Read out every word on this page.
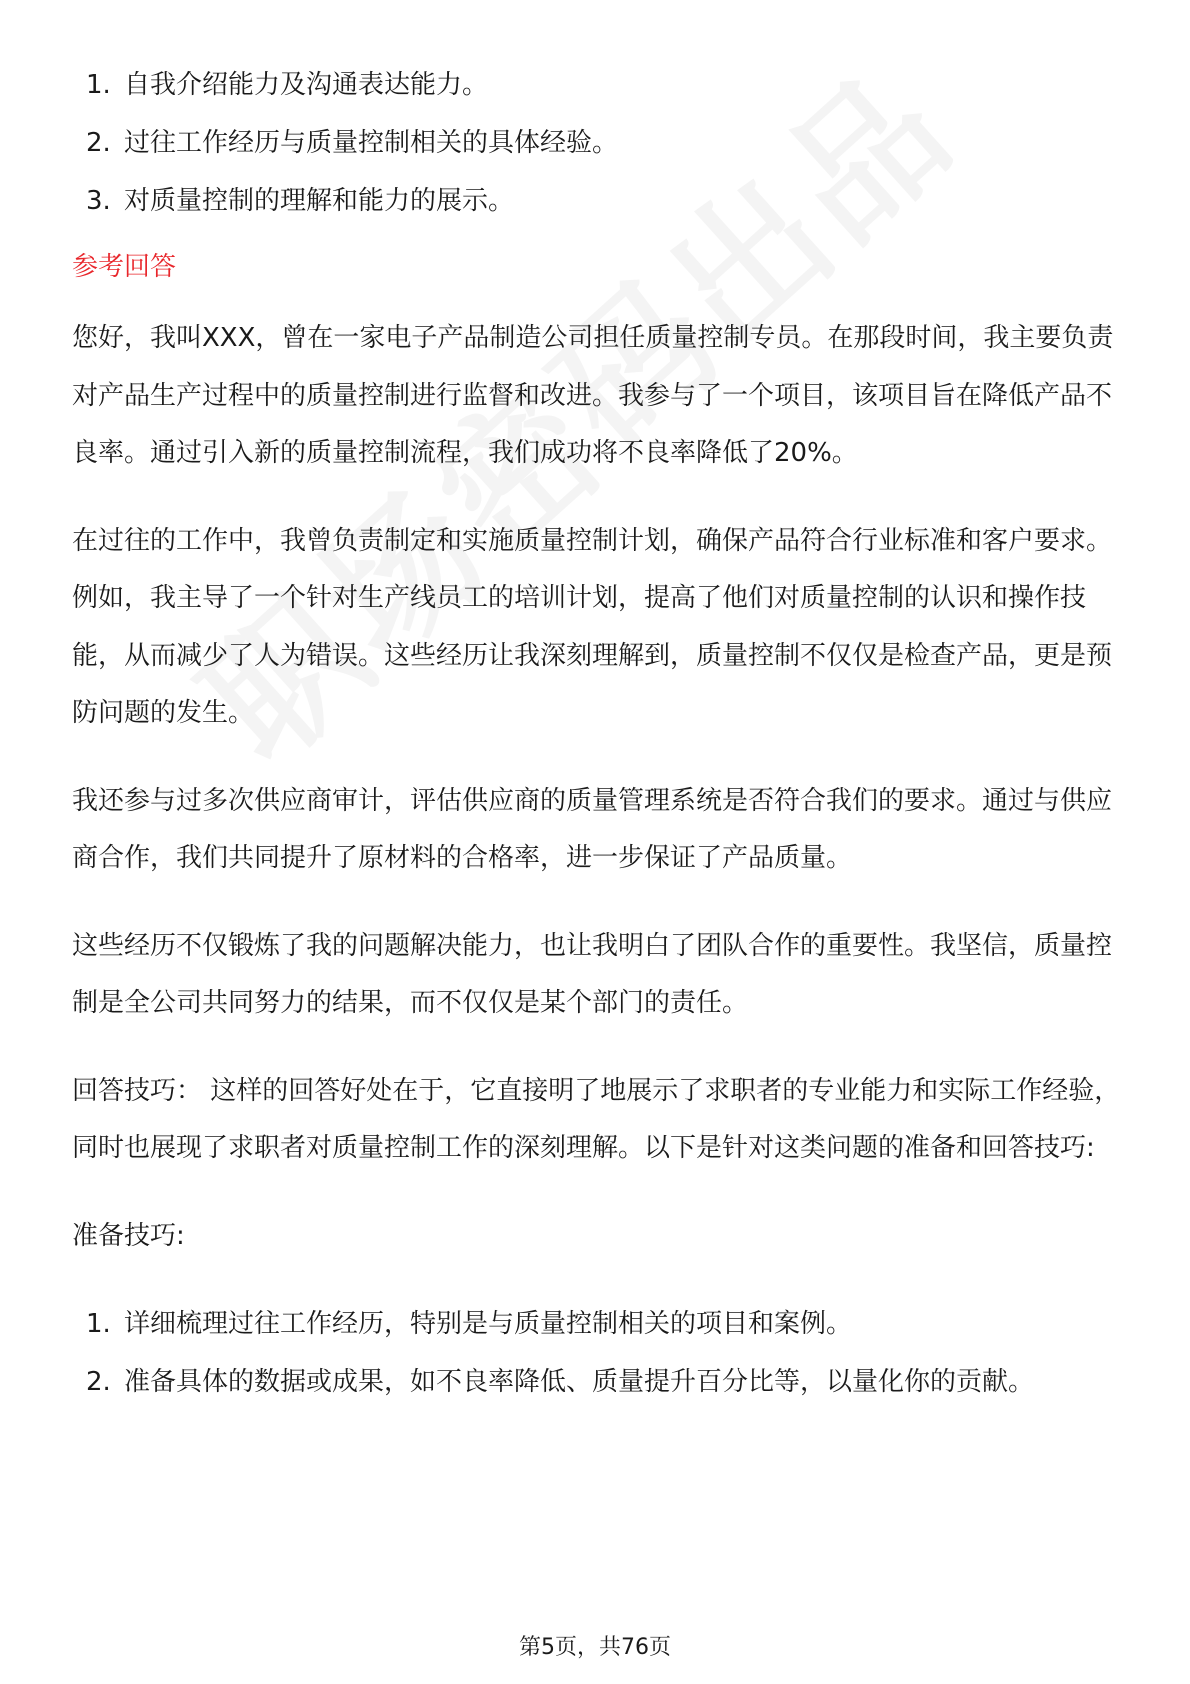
1. 自我介绍能力及沟通表达能力。
2. 过往工作经历与质量控制相关的具体经验。
3. 对质量控制的理解和能力的展示。
参考回答

您好，我叫XXX，曾在一家电子产品制造公司担任质量控制专员。在那段时间，我主要负责对产品生产过程中的质量控制进行监督和改进。我参与了一个项目，该项目旨在降低产品不良率。通过引入新的质量控制流程，我们成功将不良率降低了20%。

在过往的工作中，我曾负责制定和实施质量控制计划，确保产品符合行业标准和客户要求。例如，我主导了一个针对生产线员工的培训计划，提高了他们对质量控制的认识和操作技能，从而减少了人为错误。这些经历让我深刻理解到，质量控制不仅仅是检查产品，更是预防问题的发生。

我还参与过多次供应商审计，评估供应商的质量管理系统是否符合我们的要求。通过与供应商合作，我们共同提升了原材料的合格率，进一步保证了产品质量。

这些经历不仅锻炼了我的问题解决能力，也让我明白了团队合作的重要性。我坚信，质量控制是全公司共同努力的结果，而不仅仅是某个部门的责任。

回答技巧： 这样的回答好处在于，它直接明了地展示了求职者的专业能力和实际工作经验，同时也展现了求职者对质量控制工作的深刻理解。以下是针对这类问题的准备和回答技巧:

准备技巧:

1. 详细梳理过往工作经历，特别是与质量控制相关的项目和案例。
2. 准备具体的数据或成果，如不良率降低、质量提升百分比等，以量化你的贡献。
第5页，共76页
